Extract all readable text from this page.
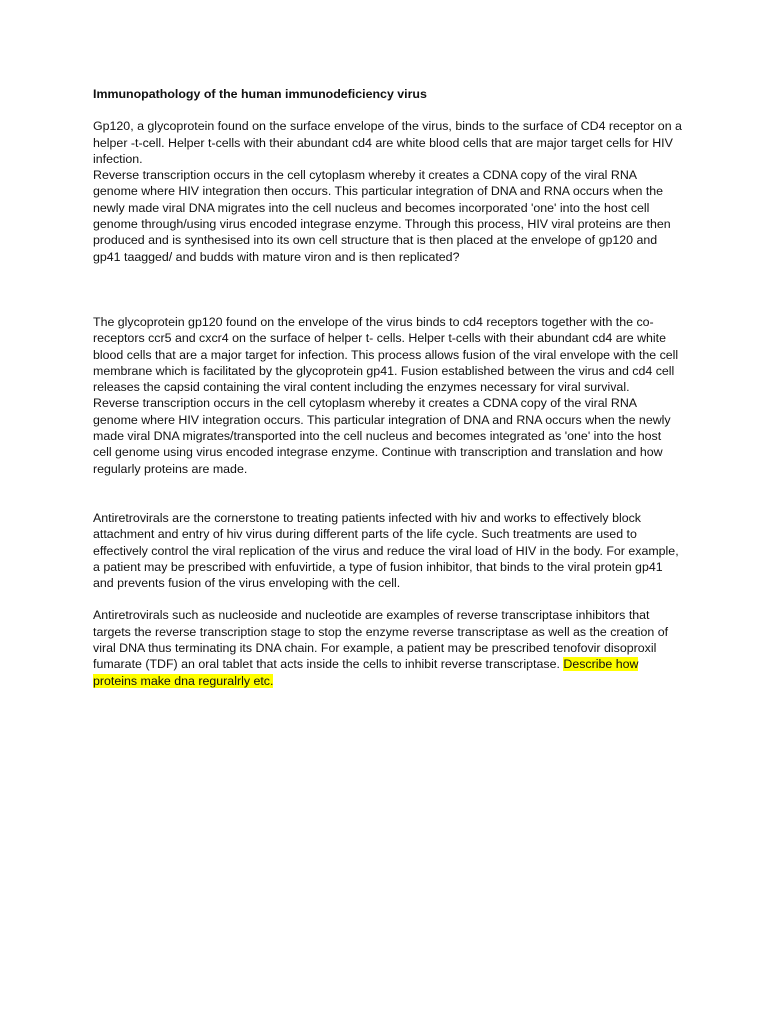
Immunopathology of the human immunodeficiency virus

Gp120, a glycoprotein found on the surface envelope of the virus, binds to the surface of CD4 receptor on a helper -t-cell. Helper t-cells with their abundant cd4 are white blood cells that are major target cells for HIV infection.

Reverse transcription occurs in the cell cytoplasm whereby it creates a CDNA copy of the viral RNA genome where HIV integration then occurs. This particular integration of DNA and RNA occurs when the newly made viral DNA migrates into the cell nucleus and becomes incorporated 'one' into the host cell genome through/using virus encoded integrase enzyme. Through this process, HIV viral proteins are then produced and is synthesised into its own cell structure that is then placed at the envelope of gp120 and gp41 taagged/ and budds with mature viron and is then replicated?

The glycoprotein gp120 found on the envelope of the virus binds to cd4 receptors together with the co-receptors ccr5 and cxcr4 on the surface of helper t- cells. Helper t-cells with their abundant cd4 are white blood cells that are a major target for infection. This process allows fusion of the viral envelope with the cell membrane which is facilitated by the glycoprotein gp41. Fusion established between the virus and cd4 cell releases the capsid containing the viral content including the enzymes necessary for viral survival.

Reverse transcription occurs in the cell cytoplasm whereby it creates a CDNA copy of the viral RNA genome where HIV integration occurs. This particular integration of DNA and RNA occurs when the newly made viral DNA migrates/transported into the cell nucleus and becomes integrated as 'one' into the host cell genome using virus encoded integrase enzyme. Continue with transcription and translation and how regularly proteins are made.

Antiretrovirals are the cornerstone to treating patients infected with hiv and works to effectively block attachment and entry of hiv virus during different parts of the life cycle. Such treatments are used to effectively control the viral replication of the virus and reduce the viral load of HIV in the body. For example, a patient may be prescribed with enfuvirtide, a type of fusion inhibitor, that binds to the viral protein gp41 and prevents fusion of the virus enveloping with the cell.

Antiretrovirals such as nucleoside and nucleotide are examples of reverse transcriptase inhibitors that targets the reverse transcription stage to stop the enzyme reverse transcriptase as well as the creation of viral DNA thus terminating its DNA chain. For example, a patient may be prescribed tenofovir disoproxil fumarate (TDF) an oral tablet that acts inside the cells to inhibit reverse transcriptase. Describe how proteins make dna reguralrly etc.
